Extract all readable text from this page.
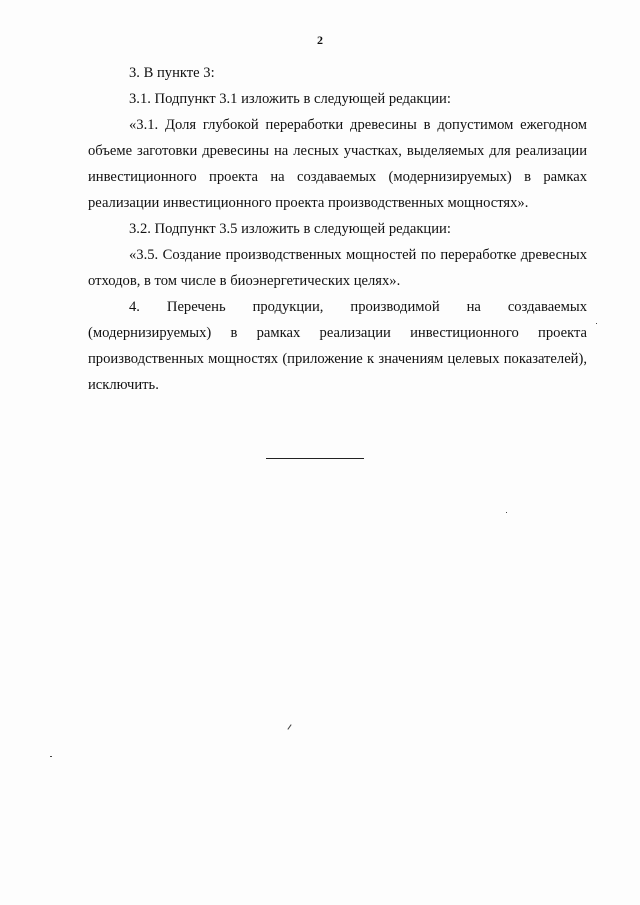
2

3. В пункте 3:

3.1. Подпункт 3.1 изложить в следующей редакции:

«3.1. Доля глубокой переработки древесины в допустимом ежегодном объеме заготовки древесины на лесных участках, выделяемых для реализации инвестиционного проекта на создаваемых (модернизируемых) в рамках реализации инвестиционного проекта производственных мощностях».

3.2. Подпункт 3.5 изложить в следующей редакции:

«3.5. Создание производственных мощностей по переработке древесных отходов, в том числе в биоэнергетических целях».

4. Перечень продукции, производимой на создаваемых (модернизируемых) в рамках реализации инвестиционного проекта производственных мощностях (приложение к значениям целевых показателей), исключить.
